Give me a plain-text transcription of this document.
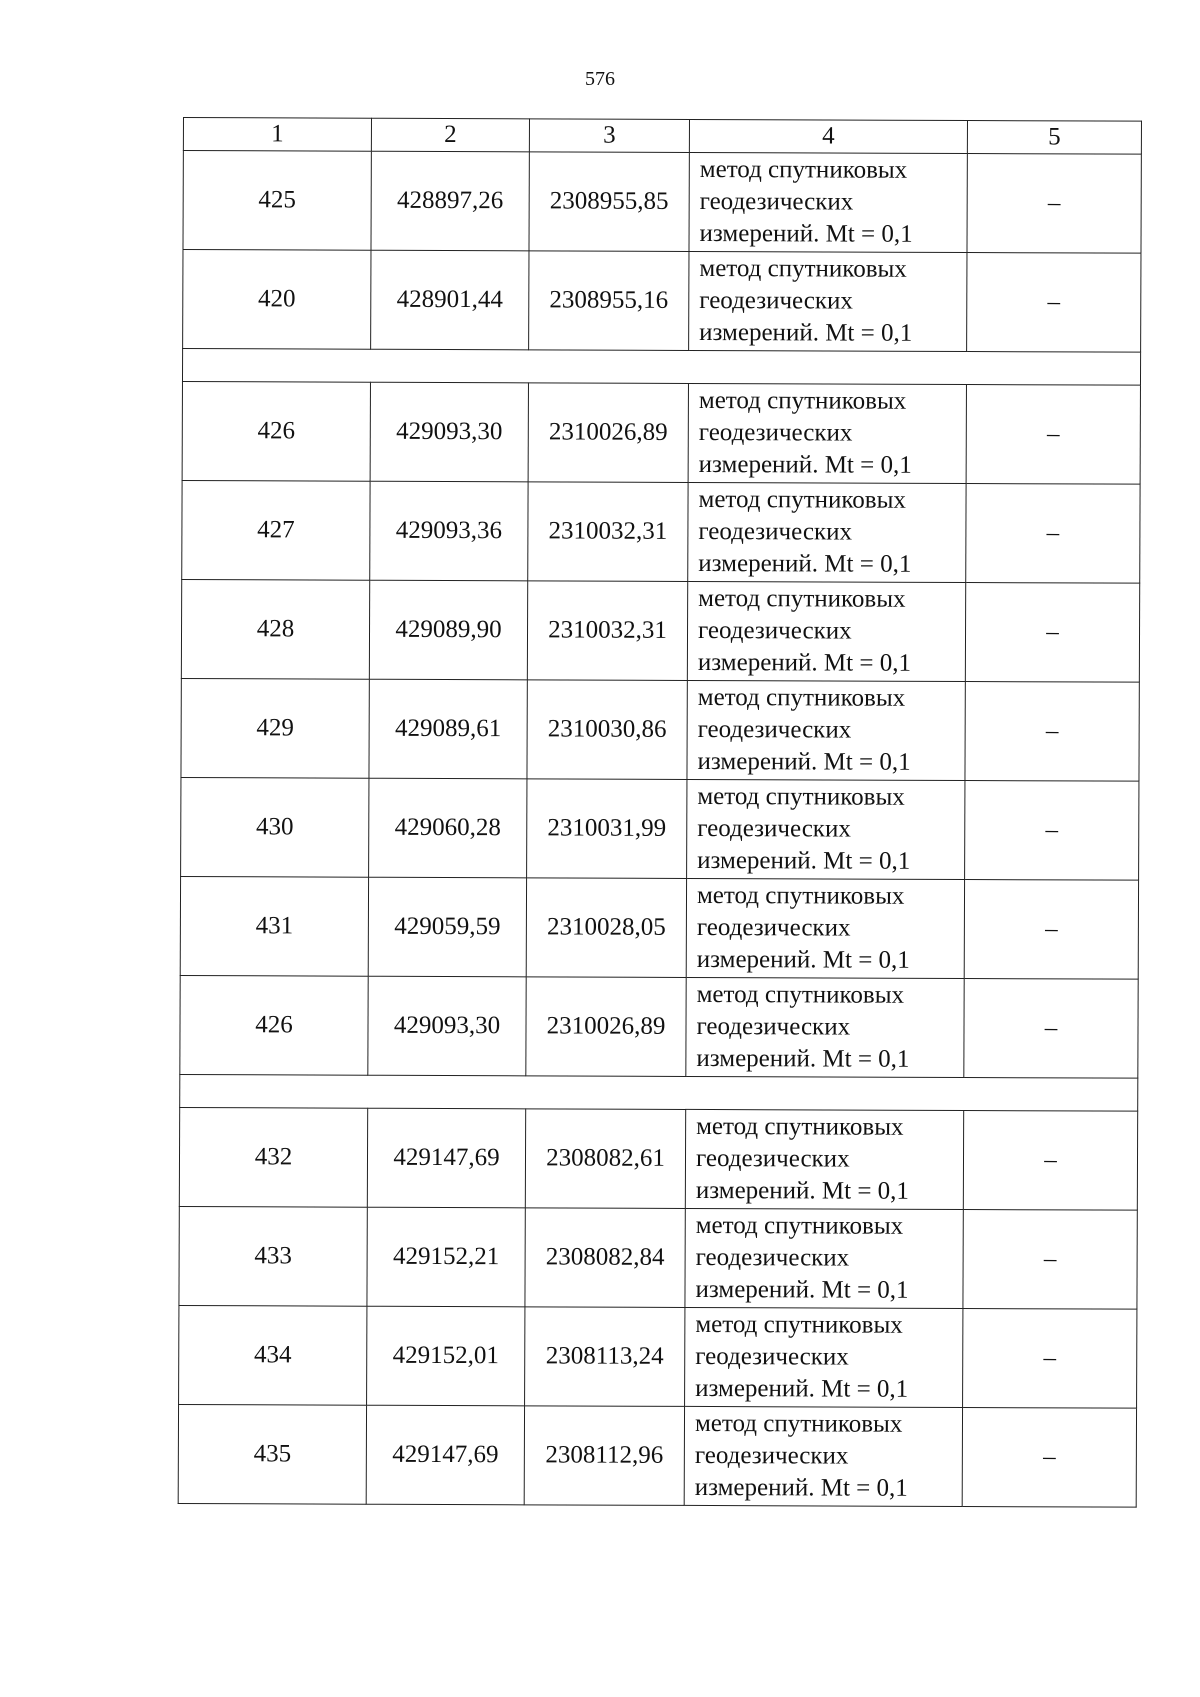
576
1	2	3	4	5
425	428897,26	2308955,85	метод спутниковых
геодезических
измерений. Mt = 0,1	–
420	428901,44	2308955,16	метод спутниковых
геодезических
измерений. Mt = 0,1	–

426	429093,30	2310026,89	метод спутниковых
геодезических
измерений. Mt = 0,1	–
427	429093,36	2310032,31	метод спутниковых
геодезических
измерений. Mt = 0,1	–
428	429089,90	2310032,31	метод спутниковых
геодезических
измерений. Mt = 0,1	–
429	429089,61	2310030,86	метод спутниковых
геодезических
измерений. Mt = 0,1	–
430	429060,28	2310031,99	метод спутниковых
геодезических
измерений. Mt = 0,1	–
431	429059,59	2310028,05	метод спутниковых
геодезических
измерений. Mt = 0,1	–
426	429093,30	2310026,89	метод спутниковых
геодезических
измерений. Mt = 0,1	–

432	429147,69	2308082,61	метод спутниковых
геодезических
измерений. Mt = 0,1	–
433	429152,21	2308082,84	метод спутниковых
геодезических
измерений. Mt = 0,1	–
434	429152,01	2308113,24	метод спутниковых
геодезических
измерений. Mt = 0,1	–
435	429147,69	2308112,96	метод спутниковых
геодезических
измерений. Mt = 0,1	–
